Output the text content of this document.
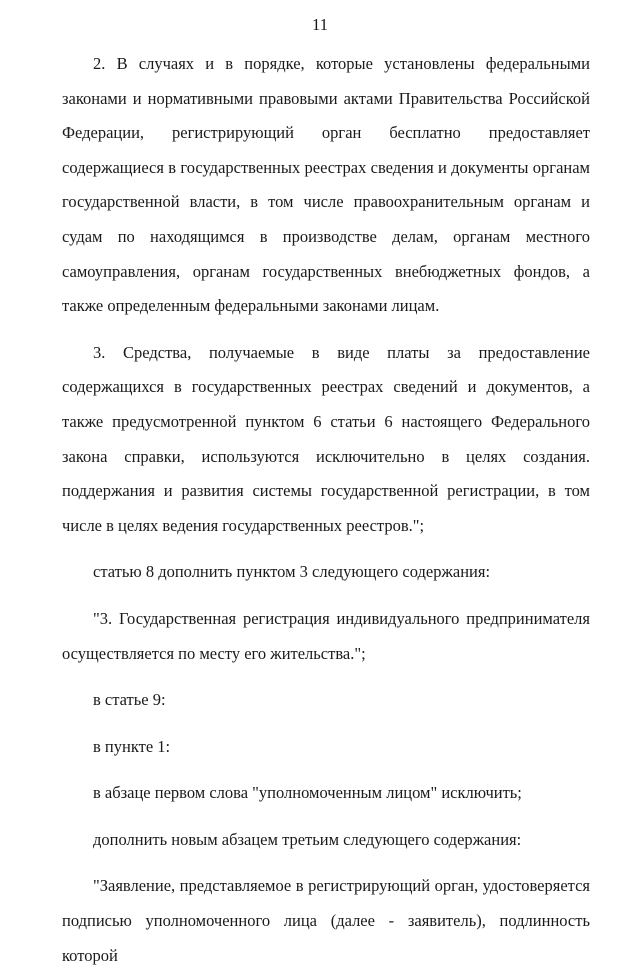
11

2. В случаях и в порядке, которые установлены федеральными законами и нормативными правовыми актами Правительства Российской Федерации, регистрирующий орган бесплатно предоставляет содержащиеся в государственных реестрах сведения и документы органам государственной власти, в том числе правоохранительным органам и судам по находящимся в производстве делам, органам местного самоуправления, органам государственных внебюджетных фондов, а также определенным федеральными законами лицам.

3. Средства, получаемые в виде платы за предоставление содержащихся в государственных реестрах сведений и документов, а также предусмотренной пунктом 6 статьи 6 настоящего Федерального закона справки, используются исключительно в целях создания. поддержания и развития системы государственной регистрации, в том числе в целях ведения государственных реестров.";

статью 8 дополнить пунктом 3 следующего содержания:

"3. Государственная регистрация индивидуального предпринимателя осуществляется по месту его жительства.";

в статье 9:

в пункте 1:

в абзаце первом слова "уполномоченным лицом" исключить;

дополнить новым абзацем третьим следующего содержания:

"Заявление, представляемое в регистрирующий орган, удостоверяется подписью уполномоченного лица (далее - заявитель), подлинность которой
